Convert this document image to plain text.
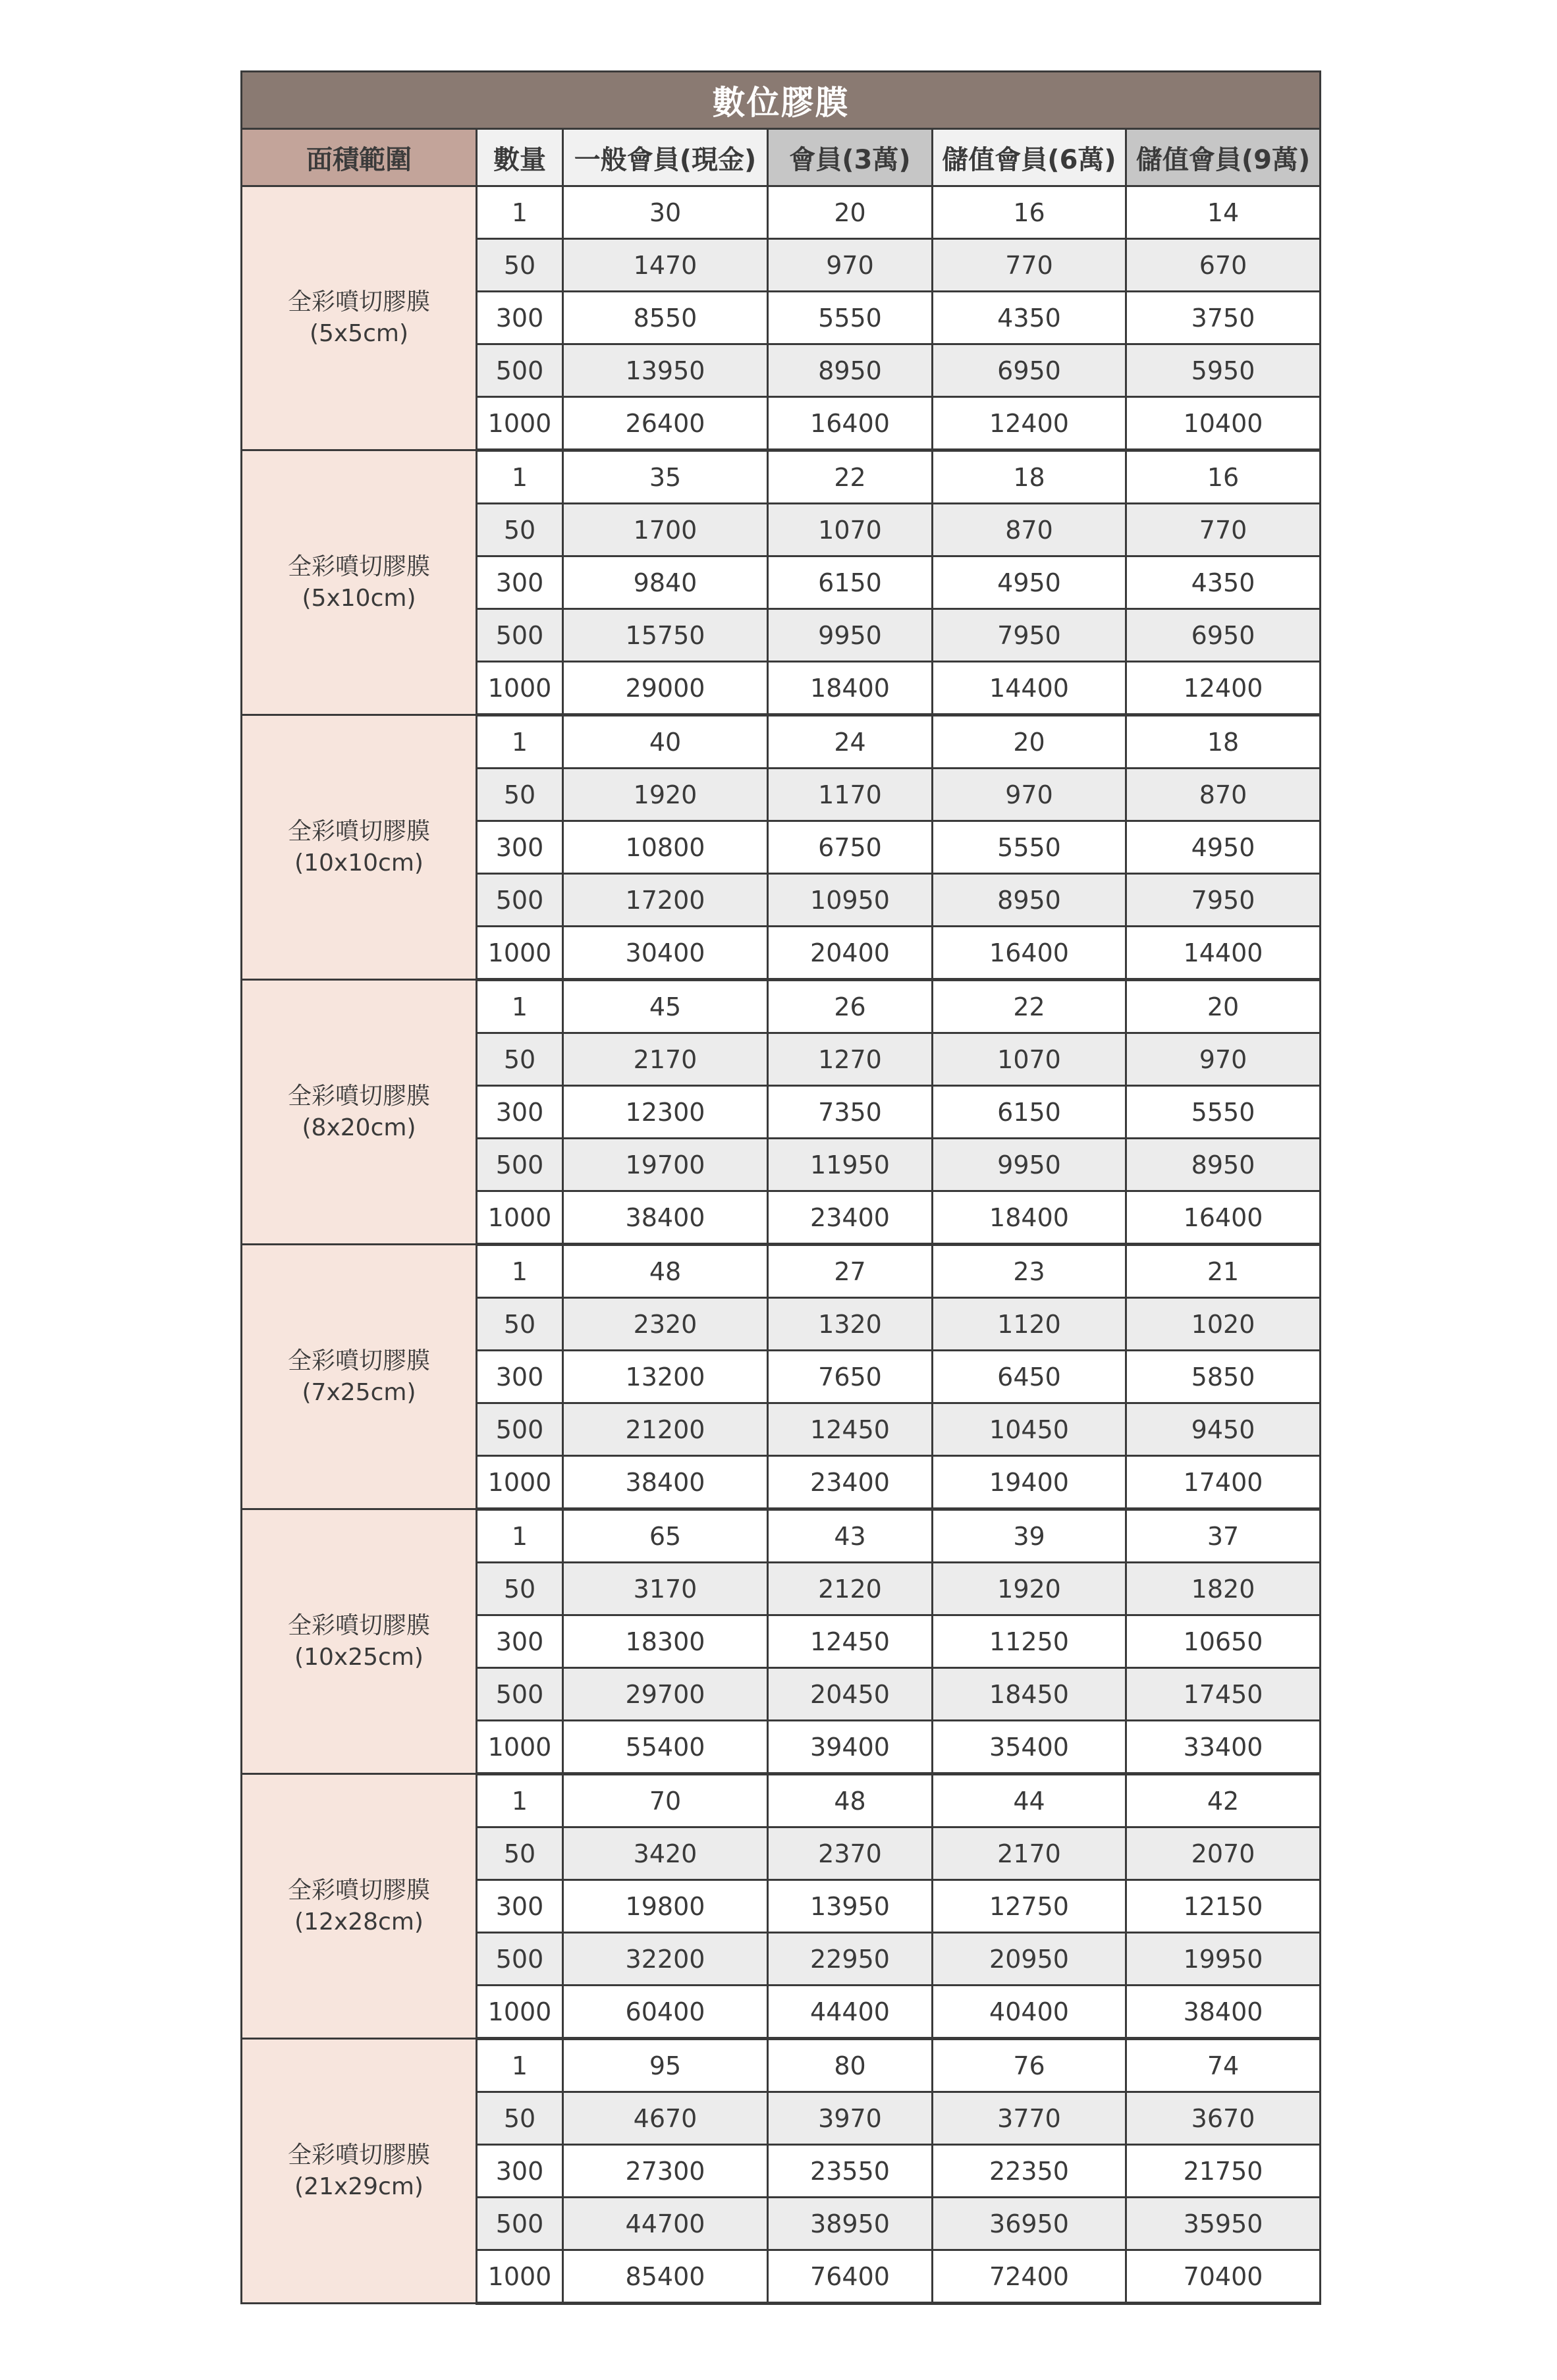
數位膠膜					
面積範圍	數量	一般會員(現金)	會員(3萬)	儲值會員(6萬)	儲值會員(9萬)

全彩噴切膠膜
(5x5cm)	1	30	20	16	14
	50	1470	970	770	670
	300	8550	5550	4350	3750
	500	13950	8950	6950	5950
	1000	26400	16400	12400	10400

全彩噴切膠膜
(5x10cm)	1	35	22	18	16
	50	1700	1070	870	770
	300	9840	6150	4950	4350
	500	15750	9950	7950	6950
	1000	29000	18400	14400	12400

全彩噴切膠膜
(10x10cm)	1	40	24	20	18
	50	1920	1170	970	870
	300	10800	6750	5550	4950
	500	17200	10950	8950	7950
	1000	30400	20400	16400	14400

全彩噴切膠膜
(8x20cm)	1	45	26	22	20
	50	2170	1270	1070	970
	300	12300	7350	6150	5550
	500	19700	11950	9950	8950
	1000	38400	23400	18400	16400

全彩噴切膠膜
(7x25cm)	1	48	27	23	21
	50	2320	1320	1120	1020
	300	13200	7650	6450	5850
	500	21200	12450	10450	9450
	1000	38400	23400	19400	17400

全彩噴切膠膜
(10x25cm)	1	65	43	39	37
	50	3170	2120	1920	1820
	300	18300	12450	11250	10650
	500	29700	20450	18450	17450
	1000	55400	39400	35400	33400

全彩噴切膠膜
(12x28cm)	1	70	48	44	42
	50	3420	2370	2170	2070
	300	19800	13950	12750	12150
	500	32200	22950	20950	19950
	1000	60400	44400	40400	38400

全彩噴切膠膜
(21x29cm)	1	95	80	76	74
	50	4670	3970	3770	3670
	300	27300	23550	22350	21750
	500	44700	38950	36950	35950
	1000	85400	76400	72400	70400
